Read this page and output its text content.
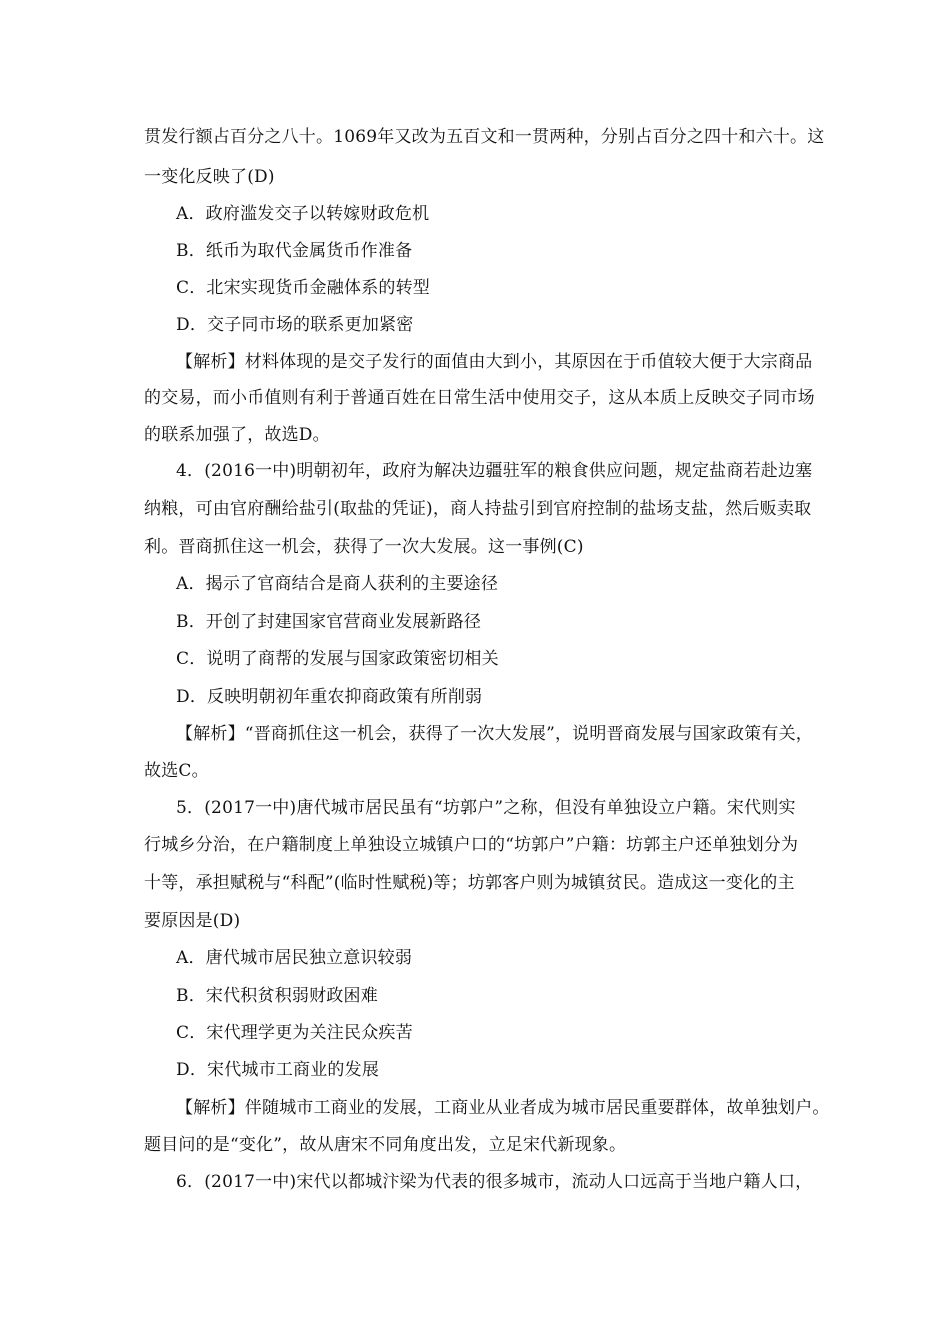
贯发行额占百分之八十。1069年又改为五百文和一贯两种，分别占百分之四十和六十。这
一变化反映了(D)
A．政府滥发交子以转嫁财政危机
B．纸币为取代金属货币作准备
C．北宋实现货币金融体系的转型
D．交子同市场的联系更加紧密
【解析】材料体现的是交子发行的面值由大到小，其原因在于币值较大便于大宗商品
的交易，而小币值则有利于普通百姓在日常生活中使用交子，这从本质上反映交子同市场
的联系加强了，故选D。
4．(2016一中)明朝初年，政府为解决边疆驻军的粮食供应问题，规定盐商若赴边塞
纳粮，可由官府酬给盐引(取盐的凭证)，商人持盐引到官府控制的盐场支盐，然后贩卖取
利。晋商抓住这一机会，获得了一次大发展。这一事例(C)
A．揭示了官商结合是商人获利的主要途径
B．开创了封建国家官营商业发展新路径
C．说明了商帮的发展与国家政策密切相关
D．反映明朝初年重农抑商政策有所削弱
【解析】“晋商抓住这一机会，获得了一次大发展”，说明晋商发展与国家政策有关，
故选C。
5．(2017一中)唐代城市居民虽有“坊郭户”之称，但没有单独设立户籍。宋代则实
行城乡分治，在户籍制度上单独设立城镇户口的“坊郭户”户籍：坊郭主户还单独划分为
十等，承担赋税与“科配”(临时性赋税)等；坊郭客户则为城镇贫民。造成这一变化的主
要原因是(D)
A．唐代城市居民独立意识较弱
B．宋代积贫积弱财政困难
C．宋代理学更为关注民众疾苦
D．宋代城市工商业的发展
【解析】伴随城市工商业的发展，工商业从业者成为城市居民重要群体，故单独划户。
题目问的是“变化”，故从唐宋不同角度出发，立足宋代新现象。
6．(2017一中)宋代以都城汴梁为代表的很多城市，流动人口远高于当地户籍人口，
